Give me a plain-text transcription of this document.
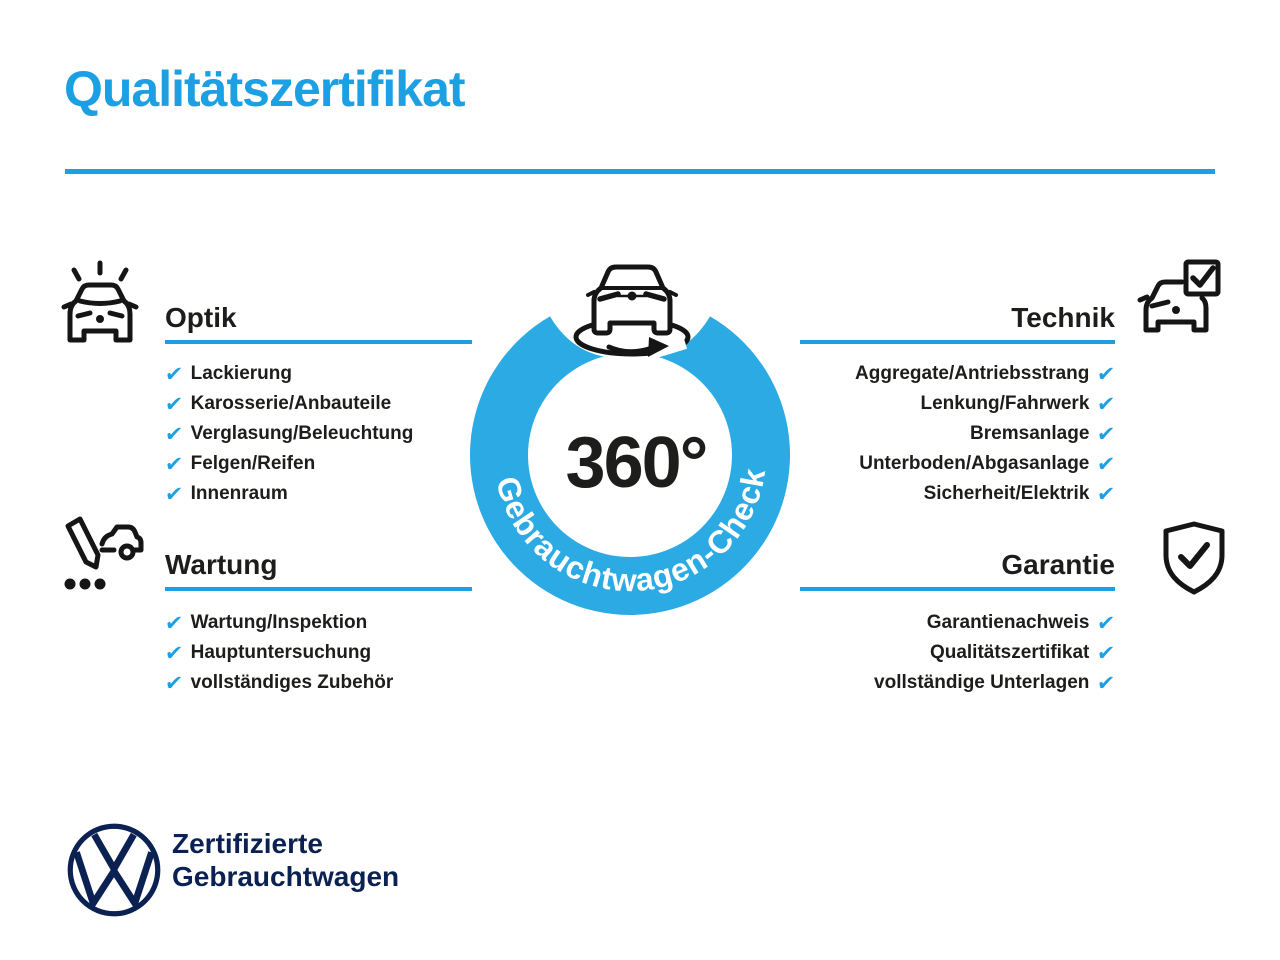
Qualitätszertifikat
Optik
✔ Lackierung
✔ Karosserie/Anbauteile
✔ Verglasung/Beleuchtung
✔ Felgen/Reifen
✔ Innenraum
Wartung
✔ Wartung/Inspektion
✔ Hauptuntersuchung
✔ vollständiges Zubehör
Technik
Aggregate/Antriebsstrang ✔
Lenkung/Fahrwerk ✔
Bremsanlage ✔
Unterboden/Abgasanlage ✔
Sicherheit/Elektrik ✔
Garantie
Garantienachweis ✔
Qualitätszertifikat ✔
vollständige Unterlagen ✔
Gebrauchtwagen-Check
360°
Zertifizierte
Gebrauchtwagen
